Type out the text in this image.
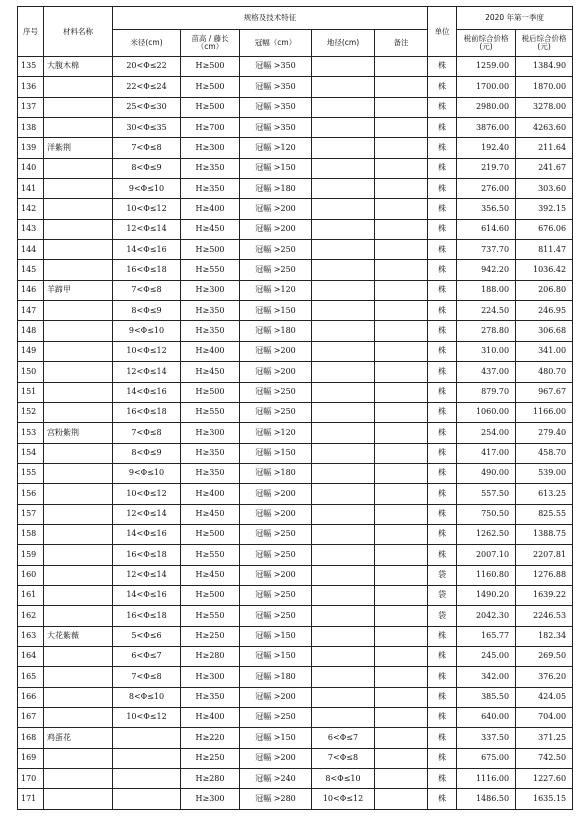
序号	材料名称	规格及技术特征					单位	2020 年第一季度	
		米径(cm)	苗高 / 藤长（cm）	冠幅（cm）	地径(cm)	备注		税前综合价格(元)	税后综合价格(元)
135	大腹木棉	20<Φ≤22	H≥500	冠幅 >350			株	1259.00	1384.90
136		22<Φ≤24	H≥500	冠幅 >350			株	1700.00	1870.00
137		25<Φ≤30	H≥500	冠幅 >350			株	2980.00	3278.00
138		30<Φ≤35	H≥700	冠幅 >350			株	3876.00	4263.60
139	洋紫荆	7<Φ≤8	H≥300	冠幅 >120			株	192.40	211.64
140		8<Φ≤9	H≥350	冠幅 >150			株	219.70	241.67
141		9<Φ≤10	H≥350	冠幅 >180			株	276.00	303.60
142		10<Φ≤12	H≥400	冠幅 >200			株	356.50	392.15
143		12<Φ≤14	H≥450	冠幅 >200			株	614.60	676.06
144		14<Φ≤16	H≥500	冠幅 >250			株	737.70	811.47
145		16<Φ≤18	H≥550	冠幅 >250			株	942.20	1036.42
146	羊蹄甲	7<Φ≤8	H≥300	冠幅 >120			株	188.00	206.80
147		8<Φ≤9	H≥350	冠幅 >150			株	224.50	246.95
148		9<Φ≤10	H≥350	冠幅 >180			株	278.80	306.68
149		10<Φ≤12	H≥400	冠幅 >200			株	310.00	341.00
150		12<Φ≤14	H≥450	冠幅 >200			株	437.00	480.70
151		14<Φ≤16	H≥500	冠幅 >250			株	879.70	967.67
152		16<Φ≤18	H≥550	冠幅 >250			株	1060.00	1166.00
153	宫粉紫荆	7<Φ≤8	H≥300	冠幅 >120			株	254.00	279.40
154		8<Φ≤9	H≥350	冠幅 >150			株	417.00	458.70
155		9<Φ≤10	H≥350	冠幅 >180			株	490.00	539.00
156		10<Φ≤12	H≥400	冠幅 >200			株	557.50	613.25
157		12<Φ≤14	H≥450	冠幅 >200			株	750.50	825.55
158		14<Φ≤16	H≥500	冠幅 >250			株	1262.50	1388.75
159		16<Φ≤18	H≥550	冠幅 >250			株	2007.10	2207.81
160		12<Φ≤14	H≥450	冠幅 >200			袋	1160.80	1276.88
161		14<Φ≤16	H≥500	冠幅 >250			袋	1490.20	1639.22
162		16<Φ≤18	H≥550	冠幅 >250			袋	2042.30	2246.53
163	大花紫薇	5<Φ≤6	H≥250	冠幅 >150			株	165.77	182.34
164		6<Φ≤7	H≥280	冠幅 >150			株	245.00	269.50
165		7<Φ≤8	H≥300	冠幅 >180			株	342.00	376.20
166		8<Φ≤10	H≥350	冠幅 >200			株	385.50	424.05
167		10<Φ≤12	H≥400	冠幅 >250			株	640.00	704.00
168	鸡蛋花		H≥220	冠幅 >150	6<Φ≤7		株	337.50	371.25
169			H≥250	冠幅 >200	7<Φ≤8		株	675.00	742.50
170			H≥280	冠幅 >240	8<Φ≤10		株	1116.00	1227.60
171			H≥300	冠幅 >280	10<Φ≤12		株	1486.50	1635.15
